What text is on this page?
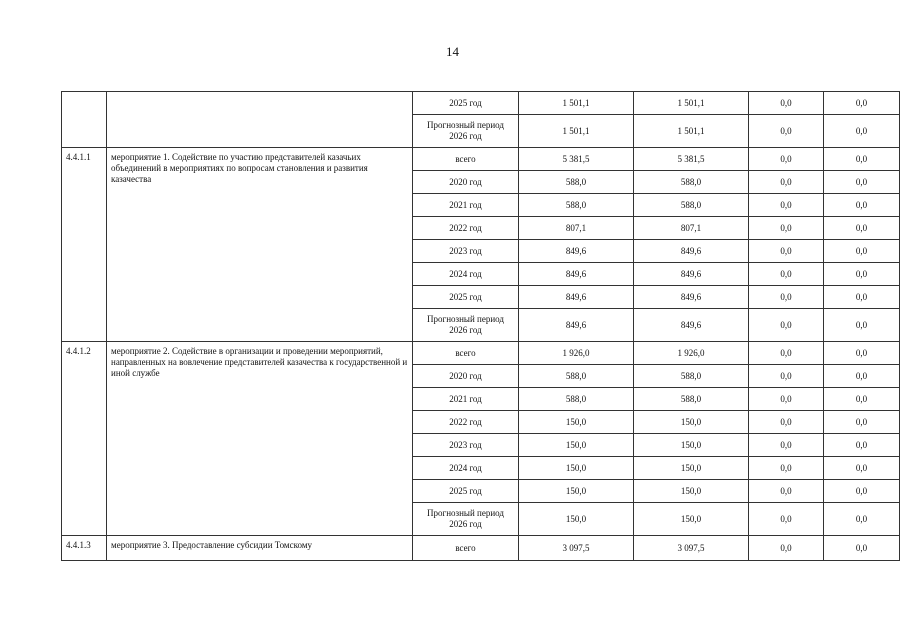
14
		2025 год	1 501,1	1 501,1	0,0	0,0
		Прогнозный период 2026 год	1 501,1	1 501,1	0,0	0,0
4.4.1.1	мероприятие 1. Содействие по участию представителей казачьих объединений в мероприятиях по вопросам становления и развития казачества	всего	5 381,5	5 381,5	0,0	0,0
		2020 год	588,0	588,0	0,0	0,0
		2021 год	588,0	588,0	0,0	0,0
		2022 год	807,1	807,1	0,0	0,0
		2023 год	849,6	849,6	0,0	0,0
		2024 год	849,6	849,6	0,0	0,0
		2025 год	849,6	849,6	0,0	0,0
		Прогнозный период 2026 год	849,6	849,6	0,0	0,0
4.4.1.2	мероприятие 2. Содействие в организации и проведении мероприятий, направленных на вовлечение представителей казачества к государственной и иной службе	всего	1 926,0	1 926,0	0,0	0,0
		2020 год	588,0	588,0	0,0	0,0
		2021 год	588,0	588,0	0,0	0,0
		2022 год	150,0	150,0	0,0	0,0
		2023 год	150,0	150,0	0,0	0,0
		2024 год	150,0	150,0	0,0	0,0
		2025 год	150,0	150,0	0,0	0,0
		Прогнозный период 2026 год	150,0	150,0	0,0	0,0
4.4.1.3	мероприятие 3. Предоставление субсидии Томскому	всего	3 097,5	3 097,5	0,0	0,0
